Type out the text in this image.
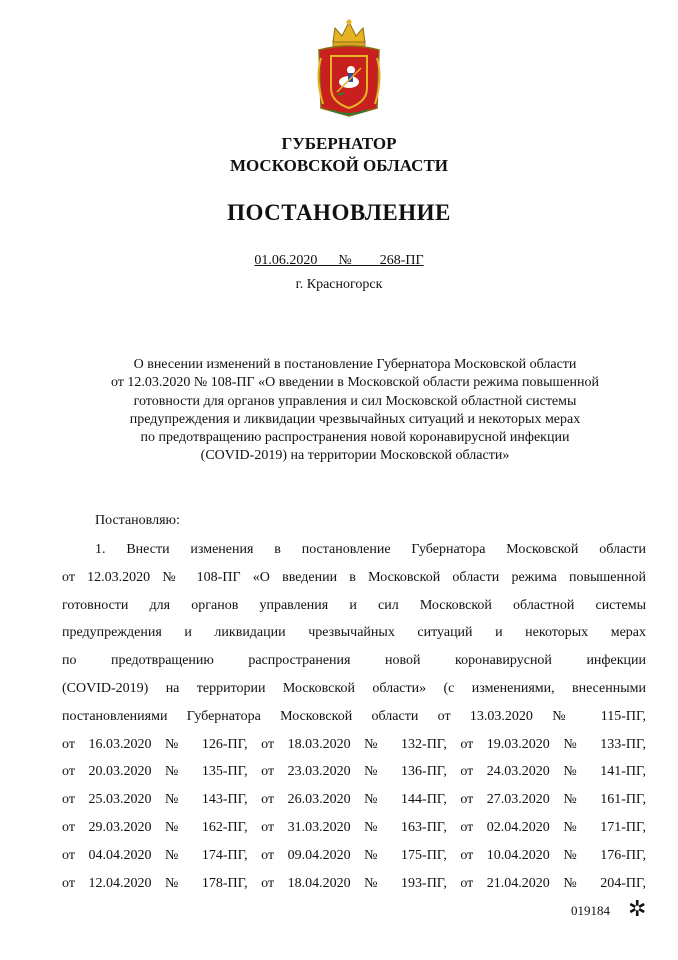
ГУБЕРНАТОР
МОСКОВСКОЙ ОБЛАСТИ
ПОСТАНОВЛЕНИЕ
01.06.2020 № 268-ПГ
г. Красногорск
О внесении изменений в постановление Губернатора Московской области
от 12.03.2020 № 108-ПГ «О введении в Московской области режима повышенной
готовности для органов управления и сил Московской областной системы
предупреждения и ликвидации чрезвычайных ситуаций и некоторых мерах
по предотвращению распространения новой коронавирусной инфекции
(COVID-2019) на территории Московской области»
Постановляю:
1. Внести изменения в постановление Губернатора Московской области
от 12.03.2020 № 108-ПГ «О введении в Московской области режима повышенной
готовности для органов управления и сил Московской областной системы
предупреждения и ликвидации чрезвычайных ситуаций и некоторых мерах
по предотвращению распространения новой коронавирусной инфекции
(COVID-2019) на территории Московской области» (с изменениями, внесенными
постановлениями Губернатора Московской области от 13.03.2020 № 115-ПГ,
от 16.03.2020 № 126-ПГ, от 18.03.2020 № 132-ПГ, от 19.03.2020 № 133-ПГ,
от 20.03.2020 № 135-ПГ, от 23.03.2020 № 136-ПГ, от 24.03.2020 № 141-ПГ,
от 25.03.2020 № 143-ПГ, от 26.03.2020 № 144-ПГ, от 27.03.2020 № 161-ПГ,
от 29.03.2020 № 162-ПГ, от 31.03.2020 № 163-ПГ, от 02.04.2020 № 171-ПГ,
от 04.04.2020 № 174-ПГ, от 09.04.2020 № 175-ПГ, от 10.04.2020 № 176-ПГ,
от 12.04.2020 № 178-ПГ, от 18.04.2020 № 193-ПГ, от 21.04.2020 № 204-ПГ,
019184 ✲
